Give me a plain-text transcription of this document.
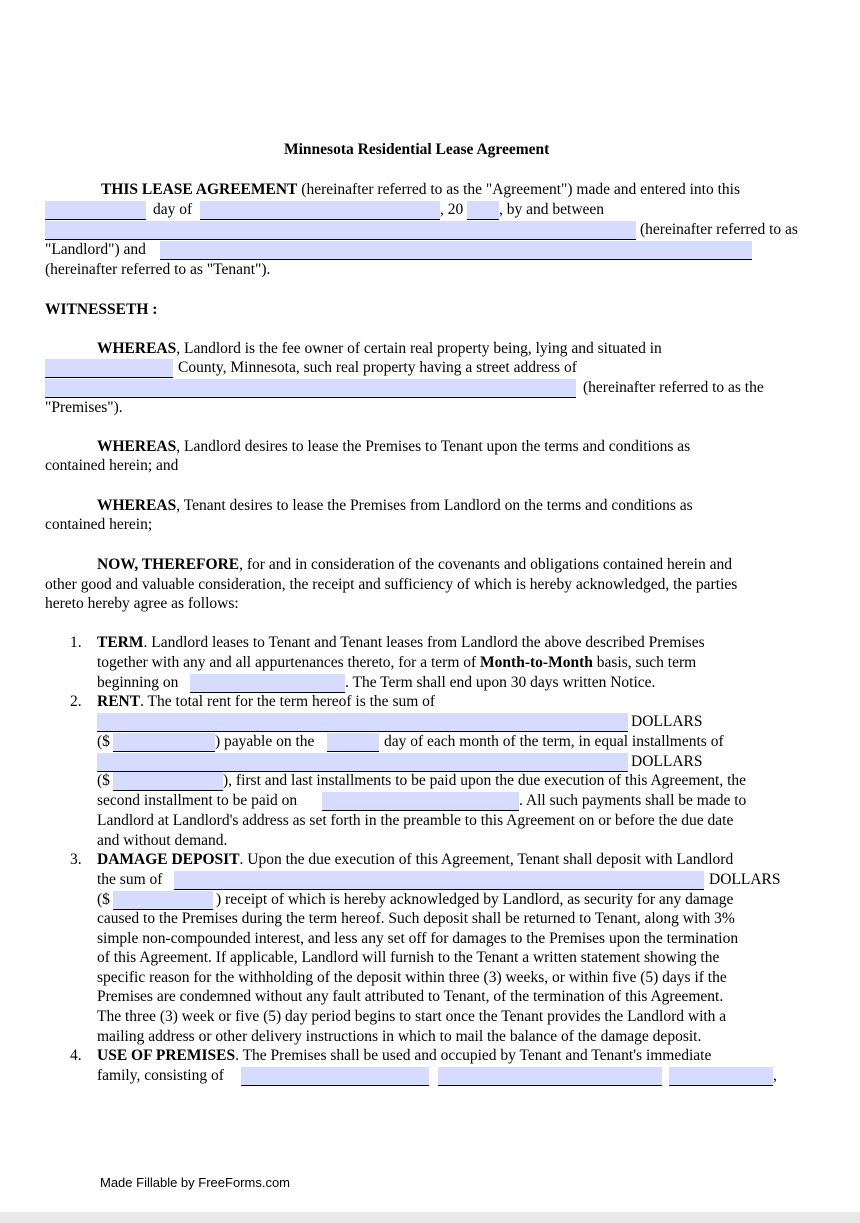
Minnesota Residential Lease Agreement
THIS LEASE AGREEMENT (hereinafter referred to as the "Agreement") made and entered into this
day of	, 20 , by and between
(hereinafter referred to as
"Landlord") and
(hereinafter referred to as "Tenant").
WITNESSETH :
WHEREAS, Landlord is the fee owner of certain real property being, lying and situated in
County, Minnesota, such real property having a street address of
(hereinafter referred to as the
"Premises").
WHEREAS, Landlord desires to lease the Premises to Tenant upon the terms and conditions as
contained herein; and
WHEREAS, Tenant desires to lease the Premises from Landlord on the terms and conditions as
contained herein;
NOW, THEREFORE, for and in consideration of the covenants and obligations contained herein and
other good and valuable consideration, the receipt and sufficiency of which is hereby acknowledged, the parties
hereto hereby agree as follows:
1. TERM. Landlord leases to Tenant and Tenant leases from Landlord the above described Premises
together with any and all appurtenances thereto, for a term of Month-to-Month basis, such term
beginning on	. The Term shall end upon 30 days written Notice.
2. RENT. The total rent for the term hereof is the sum of
DOLLARS
($	) payable on the	day of each month of the term, in equal installments of
DOLLARS
($	), first and last installments to be paid upon the due execution of this Agreement, the
second installment to be paid on	. All such payments shall be made to
Landlord at Landlord's address as set forth in the preamble to this Agreement on or before the due date
and without demand.
3. DAMAGE DEPOSIT. Upon the due execution of this Agreement, Tenant shall deposit with Landlord
the sum of	DOLLARS
($	) receipt of which is hereby acknowledged by Landlord, as security for any damage
caused to the Premises during the term hereof. Such deposit shall be returned to Tenant, along with 3%
simple non-compounded interest, and less any set off for damages to the Premises upon the termination
of this Agreement. If applicable, Landlord will furnish to the Tenant a written statement showing the
specific reason for the withholding of the deposit within three (3) weeks, or within five (5) days if the
Premises are condemned without any fault attributed to Tenant, of the termination of this Agreement.
The three (3) week or five (5) day period begins to start once the Tenant provides the Landlord with a
mailing address or other delivery instructions in which to mail the balance of the damage deposit.
4. USE OF PREMISES. The Premises shall be used and occupied by Tenant and Tenant's immediate
family, consisting of	,
Made Fillable by FreeForms.com
